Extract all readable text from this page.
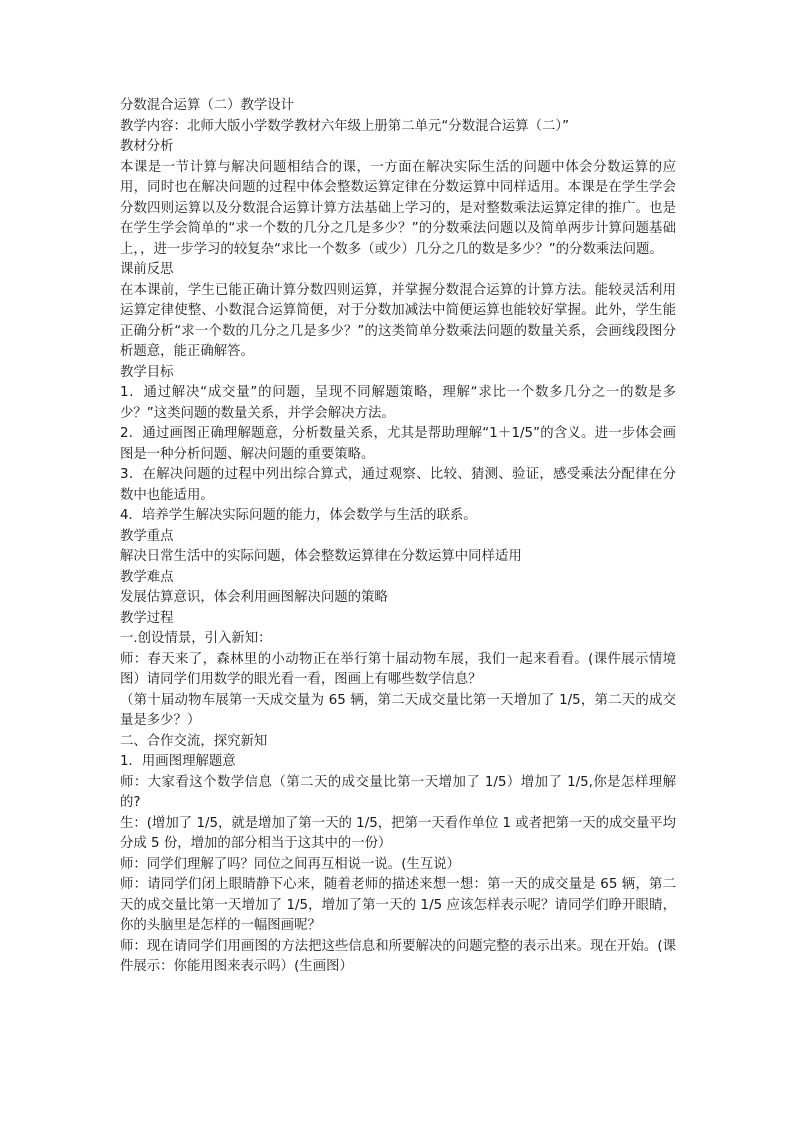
分数混合运算（二）教学设计

教学内容：北师大版小学数学教材六年级上册第二单元“分数混合运算（二）”

教材分析

本课是一节计算与解决问题相结合的课，一方面在解决实际生活的问题中体会分数运算的应用，同时也在解决问题的过程中体会整数运算定律在分数运算中同样适用。本课是在学生学会分数四则运算以及分数混合运算计算方法基础上学习的，是对整数乘法运算定律的推广。也是在学生学会简单的“求一个数的几分之几是多少？”的分数乘法问题以及简单两步计算问题基础上，，进一步学习的较复杂“求比一个数多（或少）几分之几的数是多少？”的分数乘法问题。

课前反思

在本课前，学生已能正确计算分数四则运算，并掌握分数混合运算的计算方法。能较灵活利用运算定律使整、小数混合运算简便，对于分数加减法中简便运算也能较好掌握。此外，学生能正确分析“求一个数的几分之几是多少？”的这类简单分数乘法问题的数量关系，会画线段图分析题意，能正确解答。

教学目标

1．通过解决“成交量”的问题，呈现不同解题策略，理解“求比一个数多几分之一的数是多少？”这类问题的数量关系，并学会解决方法。

2．通过画图正确理解题意，分析数量关系，尤其是帮助理解“1＋1/5”的含义。进一步体会画图是一种分析问题、解决问题的重要策略。

3．在解决问题的过程中列出综合算式，通过观察、比较、猜测、验证，感受乘法分配律在分数中也能适用。

4．培养学生解决实际问题的能力，体会数学与生活的联系。

教学重点

解决日常生活中的实际问题，体会整数运算律在分数运算中同样适用

教学难点

发展估算意识，体会利用画图解决问题的策略

教学过程

一.创设情景，引入新知：

师：春天来了，森林里的小动物正在举行第十届动物车展，我们一起来看看。(课件展示情境图）请同学们用数学的眼光看一看，图画上有哪些数学信息？

（第十届动物车展第一天成交量为 65 辆，第二天成交量比第一天增加了 1/5，第二天的成交量是多少？）

二、合作交流，探究新知

1．用画图理解题意

师：大家看这个数学信息（第二天的成交量比第一天增加了 1/5）增加了 1/5,你是怎样理解的?

生：(增加了 1/5，就是增加了第一天的 1/5，把第一天看作单位 1 或者把第一天的成交量平均分成 5 份，增加的部分相当于这其中的一份）

师：同学们理解了吗？同位之间再互相说一说。(生互说）

师：请同学们闭上眼睛静下心来，随着老师的描述来想一想：第一天的成交量是 65 辆，第二天的成交量比第一天增加了 1/5，增加了第一天的 1/5 应该怎样表示呢？请同学们睁开眼睛，你的头脑里是怎样的一幅图画呢？

师：现在请同学们用画图的方法把这些信息和所要解决的问题完整的表示出来。现在开始。(课件展示：你能用图来表示吗）(生画图）
